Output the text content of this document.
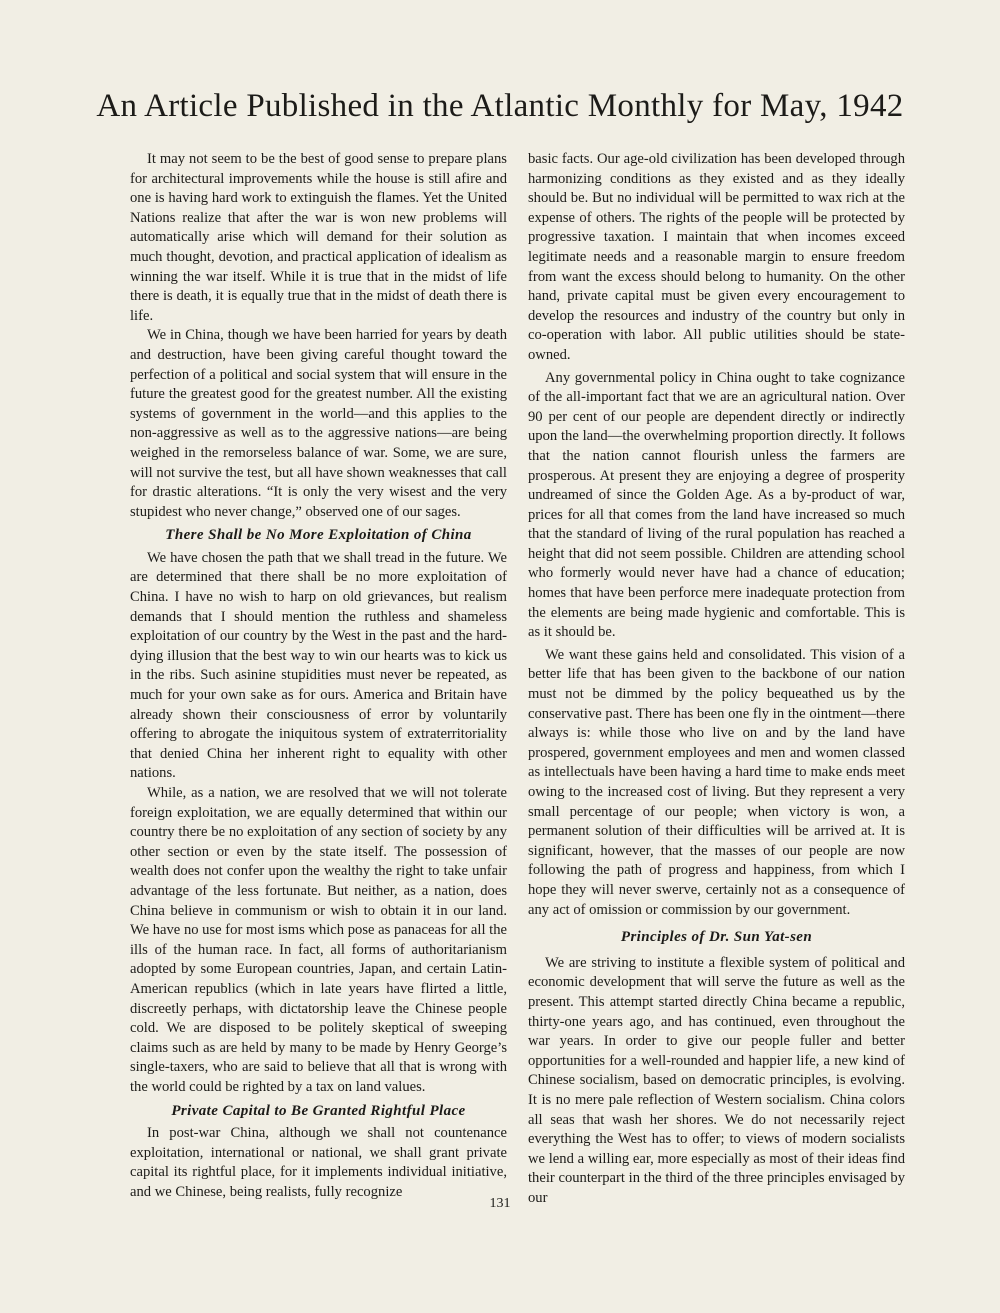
An Article Published in the Atlantic Monthly for May, 1942

It may not seem to be the best of good sense to prepare plans for architectural improvements while the house is still afire and one is having hard work to extinguish the flames. Yet the United Nations realize that after the war is won new problems will automatically arise which will demand for their solution as much thought, devotion, and practical application of idealism as winning the war itself. While it is true that in the midst of life there is death, it is equally true that in the midst of death there is life.

We in China, though we have been harried for years by death and destruction, have been giving careful thought toward the perfection of a political and social system that will ensure in the future the greatest good for the greatest number. All the existing systems of government in the world—and this applies to the non-aggressive as well as to the aggressive nations—are being weighed in the remorseless balance of war. Some, we are sure, will not survive the test, but all have shown weaknesses that call for drastic alterations. “It is only the very wisest and the very stupidest who never change,” observed one of our sages.

There Shall be No More Exploitation of China

We have chosen the path that we shall tread in the future. We are determined that there shall be no more exploitation of China. I have no wish to harp on old grievances, but realism demands that I should mention the ruthless and shameless exploitation of our country by the West in the past and the hard-dying illusion that the best way to win our hearts was to kick us in the ribs. Such asinine stupidities must never be repeated, as much for your own sake as for ours. America and Britain have already shown their consciousness of error by voluntarily offering to abrogate the iniquitous system of extraterritoriality that denied China her inherent right to equality with other nations.

While, as a nation, we are resolved that we will not tolerate foreign exploitation, we are equally determined that within our country there be no exploitation of any section of society by any other section or even by the state itself. The possession of wealth does not confer upon the wealthy the right to take unfair advantage of the less fortunate. But neither, as a nation, does China believe in communism or wish to obtain it in our land. We have no use for most isms which pose as panaceas for all the ills of the human race. In fact, all forms of authoritarianism adopted by some European countries, Japan, and certain Latin-American republics (which in late years have flirted a little, discreetly perhaps, with dictatorship leave the Chinese people cold. We are disposed to be politely skeptical of sweeping claims such as are held by many to be made by Henry George’s single-taxers, who are said to believe that all that is wrong with the world could be righted by a tax on land values.

Private Capital to Be Granted Rightful Place

In post-war China, although we shall not countenance exploitation, international or national, we shall grant private capital its rightful place, for it implements individual initiative, and we Chinese, being realists, fully recognize

basic facts. Our age-old civilization has been developed through harmonizing conditions as they existed and as they ideally should be. But no individual will be permitted to wax rich at the expense of others. The rights of the people will be protected by progressive taxation. I maintain that when incomes exceed legitimate needs and a reasonable margin to ensure freedom from want the excess should belong to humanity. On the other hand, private capital must be given every encouragement to develop the resources and industry of the country but only in co-operation with labor. All public utilities should be state-owned.

Any governmental policy in China ought to take cognizance of the all-important fact that we are an agricultural nation. Over 90 per cent of our people are dependent directly or indirectly upon the land—the overwhelming proportion directly. It follows that the nation cannot flourish unless the farmers are prosperous. At present they are enjoying a degree of prosperity undreamed of since the Golden Age. As a by-product of war, prices for all that comes from the land have increased so much that the standard of living of the rural population has reached a height that did not seem possible. Children are attending school who formerly would never have had a chance of education; homes that have been perforce mere inadequate protection from the elements are being made hygienic and comfortable. This is as it should be.

We want these gains held and consolidated. This vision of a better life that has been given to the backbone of our nation must not be dimmed by the policy bequeathed us by the conservative past. There has been one fly in the ointment—there always is: while those who live on and by the land have prospered, government employees and men and women classed as intellectuals have been having a hard time to make ends meet owing to the increased cost of living. But they represent a very small percentage of our people; when victory is won, a permanent solution of their difficulties will be arrived at. It is significant, however, that the masses of our people are now following the path of progress and happiness, from which I hope they will never swerve, certainly not as a consequence of any act of omission or commission by our government.

Principles of Dr. Sun Yat-sen

We are striving to institute a flexible system of political and economic development that will serve the future as well as the present. This attempt started directly China became a republic, thirty-one years ago, and has continued, even throughout the war years. In order to give our people fuller and better opportunities for a well-rounded and happier life, a new kind of Chinese socialism, based on democratic principles, is evolving. It is no mere pale reflection of Western socialism. China colors all seas that wash her shores. We do not necessarily reject everything the West has to offer; to views of modern socialists we lend a willing ear, more especially as most of their ideas find their counterpart in the third of the three principles envisaged by our

131
